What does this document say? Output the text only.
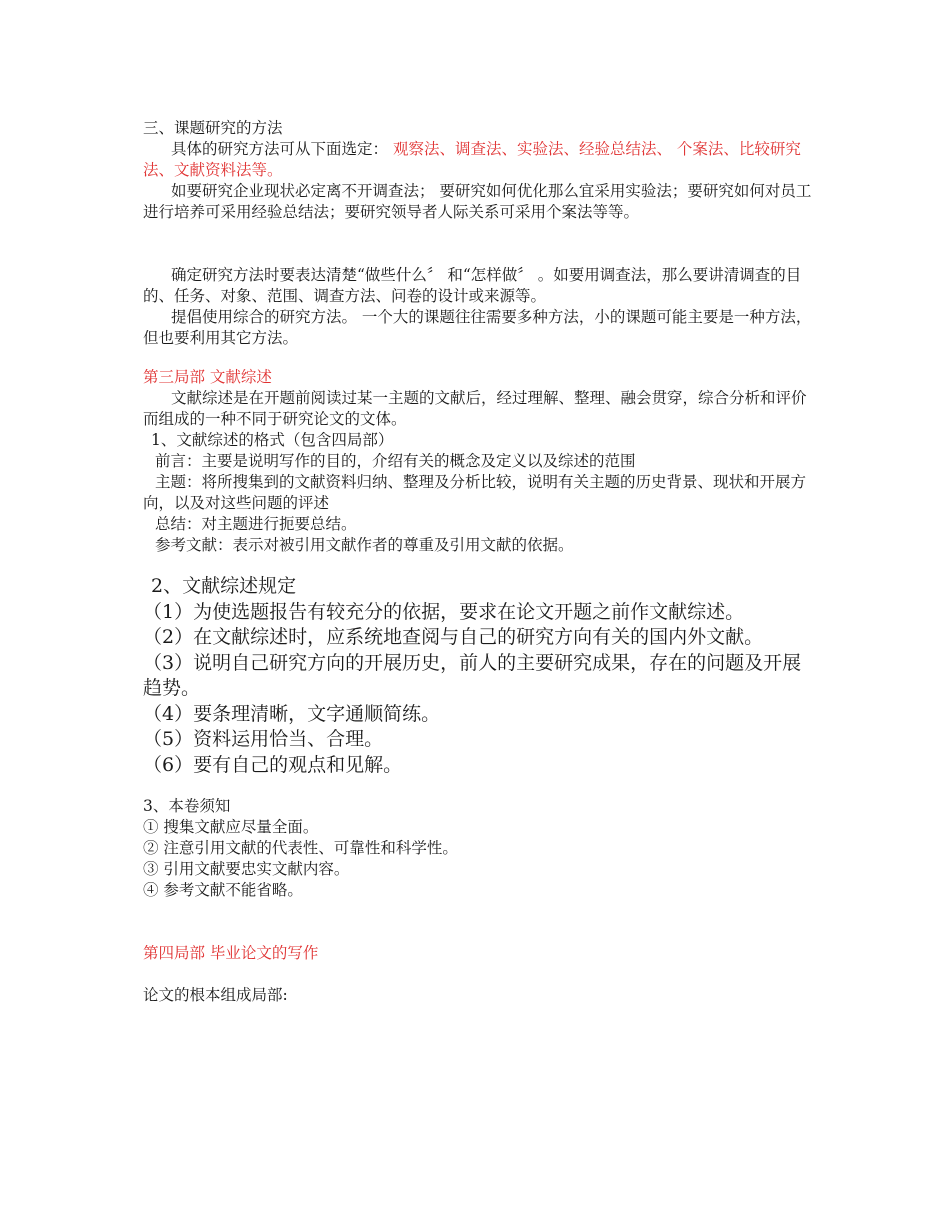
三、课题研究的方法

具体的研究方法可从下面选定： 观察法、调查法、实验法、经验总结法、 个案法、比较研究法、文献资料法等。

如要研究企业现状必定离不开调查法； 要研究如何优化那么宜采用实验法；要研究如何对员工进行培养可采用经验总结法；要研究领导者人际关系可采用个案法等等。

确定研究方法时要表达清楚“做些什么〞 和“怎样做〞 。如要用调查法，那么要讲清调查的目的、任务、对象、范围、调查方法、问卷的设计或来源等。

提倡使用综合的研究方法。 一个大的课题往往需要多种方法，小的课题可能主要是一种方法，但也要利用其它方法。

第三局部 文献综述

文献综述是在开题前阅读过某一主题的文献后，经过理解、整理、融会贯穿，综合分析和评价而组成的一种不同于研究论文的文体。

1、文献综述的格式（包含四局部）

前言：主要是说明写作的目的，介绍有关的概念及定义以及综述的范围

主题：将所搜集到的文献资料归纳、整理及分析比较，说明有关主题的历史背景、现状和开展方向，以及对这些问题的评述

总结：对主题进行扼要总结。

参考文献：表示对被引用文献作者的尊重及引用文献的依据。

2、文献综述规定

（1）为使选题报告有较充分的依据，要求在论文开题之前作文献综述。

（2）在文献综述时，应系统地查阅与自己的研究方向有关的国内外文献。

（3）说明自己研究方向的开展历史，前人的主要研究成果，存在的问题及开展趋势。

（4）要条理清晰，文字通顺简练。

（5）资料运用恰当、合理。

（6）要有自己的观点和见解。

3、本卷须知

① 搜集文献应尽量全面。

② 注意引用文献的代表性、可靠性和科学性。

③ 引用文献要忠实文献内容。

④ 参考文献不能省略。

第四局部 毕业论文的写作

论文的根本组成局部:
